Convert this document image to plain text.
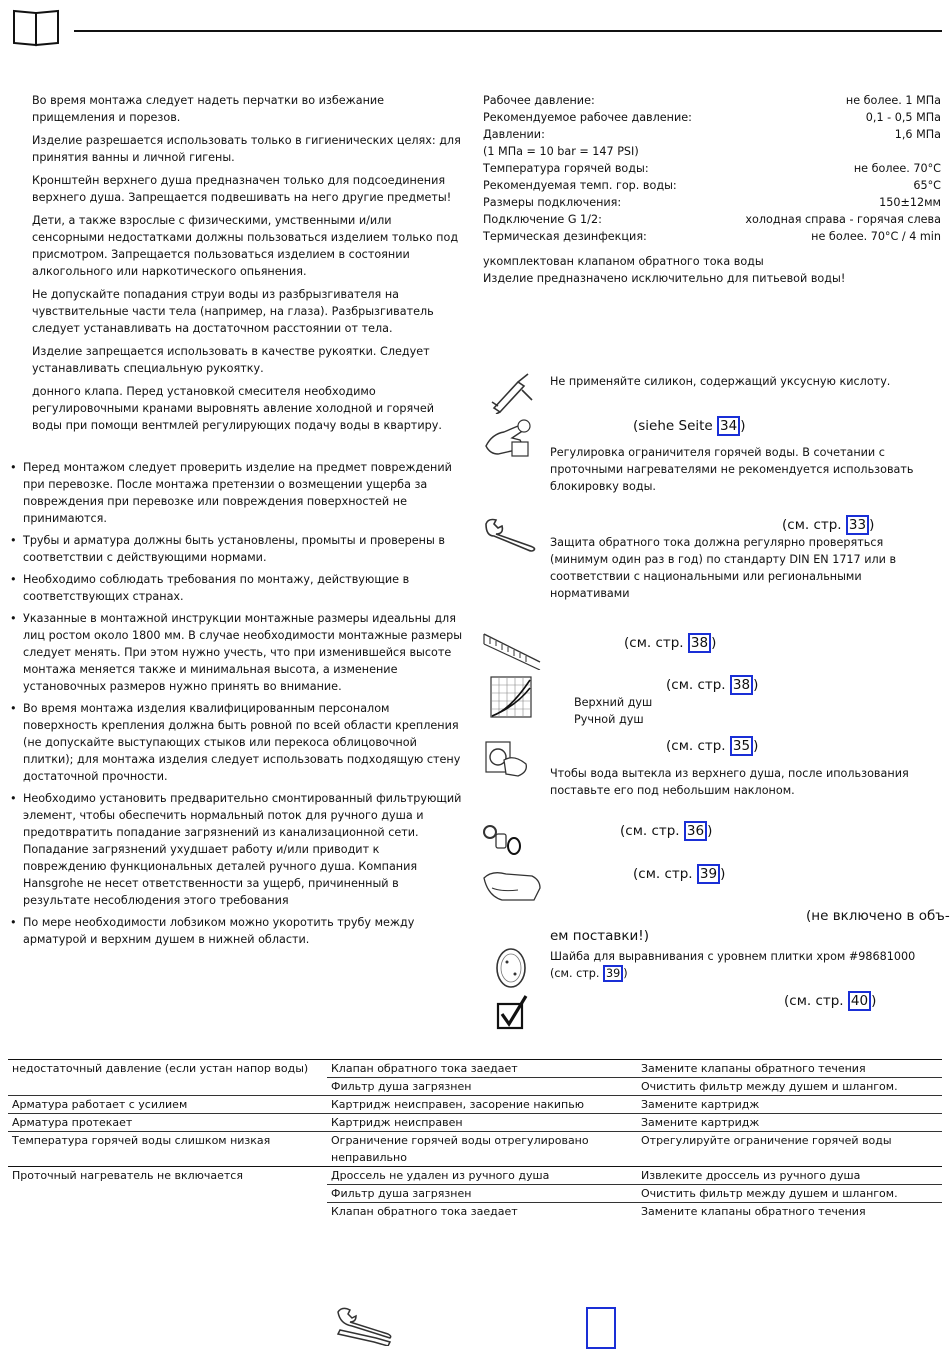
Во время монтажа следует надеть перчатки во избежание прищемления и порезов.

Изделие разрешается использовать только в гигиенических целях: для принятия ванны и личной гигены.

Кронштейн верхнего душа предназначен только для подсоединения верхнего душа. Запрещается подвешивать на него другие предметы!

Дети, а также взрослые с физическими, умственными и/или сенсорными недостатками должны пользоваться изделием только под присмотром. Запрещается пользоваться изделием в состоянии алкогольного или наркотического опьянения.

Не допускайте попадания струи воды из разбрызгивателя на чувствительные части тела (например, на глаза). Разбрызгиватель следует устанавливать на достаточном расстоянии от тела.

Изделие запрещается использовать в качестве рукоятки. Следует устанавливать специальную рукоятку.

донного клапа. Перед установкой смесителя необходимо регулировочными кранами выровнять авление холодной и горячей воды при помощи вентмлей регулирующих подачу воды в квартиру.

• Перед монтажом следует проверить изделие на предмет повреждений при перевозке. После монтажа претензии о возмещении ущерба за повреждения при перевозке или повреждения поверхностей не принимаются.
• Трубы и арматура должны быть установлены, промыты и проверены в соответствии с действующими нормами.
• Необходимо соблюдать требования по монтажу, действующие в соответствующих странах.
• Указанные в монтажной инструкции монтажные размеры идеальны для лиц ростом около 1800 мм. В случае необходимости монтажные размеры следует менять. При этом нужно учесть, что при изменившейся высоте монтажа меняется также и минимальная высота, а изменение установочных размеров нужно принять во внимание.
• Во время монтажа изделия квалифицированным персоналом поверхность крепления должна быть ровной по всей области крепления (не допускайте выступающих стыков или перекоса облицовочной плитки); для монтажа изделия следует использовать подходящую стену достаточной прочности.
• Необходимо установить предварительно смонтированный фильтрующий элемент, чтобы обеспечить нормальный поток для ручного душа и предотвратить попадание загрязнений из канализационной сети. Попадание загрязнений ухудшает работу и/или приводит к повреждению функциональных деталей ручного душа. Компания Hansgrohe не несет ответственности за ущерб, причиненный в результате несоблюдения этого требования
• По мере необходимости лобзиком можно укоротить трубу между арматурой и верхним душем в нижней области.
Рабочее давление:	не более. 1 МПа
Рекомендуемое рабочее давление:	0,1 - 0,5 МПа
Давлении:	1,6 МПа
(1 МПа = 10 bar = 147 PSI)
Температура горячей воды:	не более. 70°C
Рекомендуемая темп. гор. воды:	65°C
Размеры подключения:	150±12мм
Подключение G 1/2:	холодная справа - горячая слева
Термическая дезинфекция:	не более. 70°C / 4 min
укомплектован клапаном обратного тока воды
Изделие предназначено исключительно для питьевой воды!
Не применяйте силикон, содержащий уксусную кислоту.
(siehe Seite 34 )
Регулировка ограничителя горячей воды. В сочетании с проточными нагревателями не рекомендуется использовать блокировку воды.
(см. стр. 33 )
Защита обратного тока должна регулярно проверяться (минимум один раз в год) по стандарту DIN EN 1717 или в соответствии с национальными или региональными нормативами
(см. стр. 38 )
(см. стр. 38 )
Верхний душ
Ручной душ
(см. стр. 35 )
Чтобы вода вытекла из верхнего душа, после ипользования поставьте его под небольшим наклоном.
(см. стр. 36 )
(см. стр. 39 )
(не включено в объ-
ем поставки!)
Шайба для выравнивания с уровнем плитки хром #98681000
(см. стр. 39 )
(см. стр. 40 )
недостаточный давление (если устан напор воды)	Клапан обратного тока заедает	Замените клапаны обратного течения
	Фильтр душа загрязнен	Очистить фильтр между душем и шлангом.
Арматура работает с усилием	Картридж неисправен, засорение накипью	Замените картридж
Арматура протекает	Картридж неисправен	Замените картридж
Температура горячей воды слишком низкая	Ограничение горячей воды отрегулировано неправильно	Отрегулируйте ограничение горячей воды
Проточный нагреватель не включается	Дроссель не удален из ручного душа	Извлеките дроссель из ручного душа
	Фильтр душа загрязнен	Очистить фильтр между душем и шлангом.
	Клапан обратного тока заедает	Замените клапаны обратного течения
